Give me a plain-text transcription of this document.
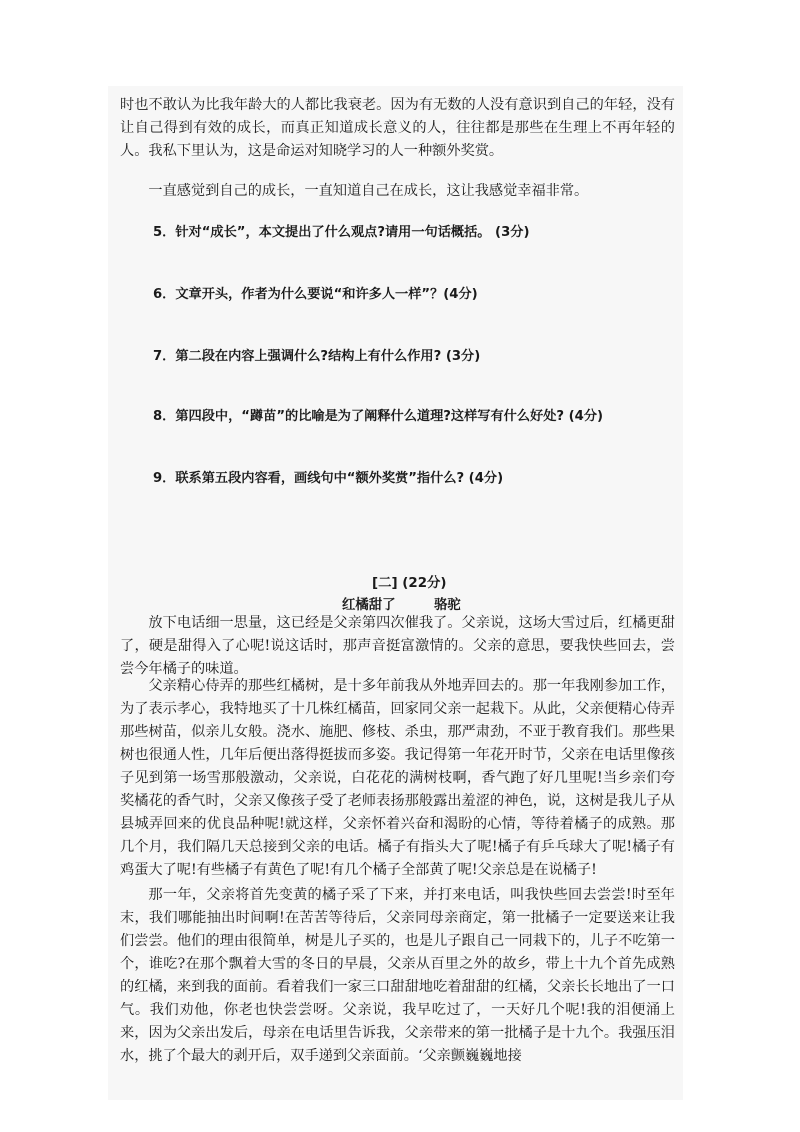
时也不敢认为比我年龄大的人都比我衰老。因为有无数的人没有意识到自己的年轻，没有让自己得到有效的成长，而真正知道成长意义的人，往往都是那些在生理上不再年轻的人。我私下里认为，这是命运对知晓学习的人一种额外奖赏。

一直感觉到自己的成长，一直知道自己在成长，这让我感觉幸福非常。

5．针对“成长”，本文提出了什么观点?请用一句话概括。 (3分)

6．文章开头，作者为什么要说“和许多人一样”？(4分)

7．第二段在内容上强调什么?结构上有什么作用? (3分)

8．第四段中，“蹲苗”的比喻是为了阐释什么道理?这样写有什么好处? (4分)

9．联系第五段内容看，画线句中“额外奖赏”指什么? (4分)

[二] (22分)
红橘甜了	骆驼

放下电话细一思量，这已经是父亲第四次催我了。父亲说，这场大雪过后，红橘更甜了，硬是甜得入了心呢!说这话时，那声音挺富激情的。父亲的意思，要我快些回去，尝尝今年橘子的味道。

父亲精心侍弄的那些红橘树，是十多年前我从外地弄回去的。那一年我刚参加工作，为了表示孝心，我特地买了十几株红橘苗，回家同父亲一起栽下。从此，父亲便精心侍弄那些树苗，似亲儿女般。浇水、施肥、修枝、杀虫，那严肃劲，不亚于教育我们。那些果树也很通人性，几年后便出落得挺拔而多姿。我记得第一年花开时节，父亲在电话里像孩子见到第一场雪那般激动，父亲说，白花花的满树枝啊，香气跑了好几里呢!当乡亲们夸奖橘花的香气时，父亲又像孩子受了老师表扬那般露出羞涩的神色，说，这树是我儿子从县城弄回来的优良品种呢!就这样，父亲怀着兴奋和渴盼的心情，等待着橘子的成熟。那几个月，我们隔几天总接到父亲的电话。橘子有指头大了呢!橘子有乒乓球大了呢!橘子有鸡蛋大了呢!有些橘子有黄色了呢!有几个橘子全部黄了呢!父亲总是在说橘子!

那一年，父亲将首先变黄的橘子采了下来，并打来电话，叫我快些回去尝尝!时至年末，我们哪能抽出时间啊!在苦苦等待后，父亲同母亲商定，第一批橘子一定要送来让我们尝尝。他们的理由很简单，树是儿子买的，也是儿子跟自己一同栽下的，儿子不吃第一个，谁吃?在那个飘着大雪的冬日的早晨，父亲从百里之外的故乡，带上十九个首先成熟的红橘，来到我的面前。看着我们一家三口甜甜地吃着甜甜的红橘，父亲长长地出了一口气。我们劝他，你老也快尝尝呀。父亲说，我早吃过了，一天好几个呢!我的泪便涌上来，因为父亲出发后，母亲在电话里告诉我，父亲带来的第一批橘子是十九个。我强压泪水，挑了个最大的剥开后，双手递到父亲面前。‘父亲颤巍巍地接
